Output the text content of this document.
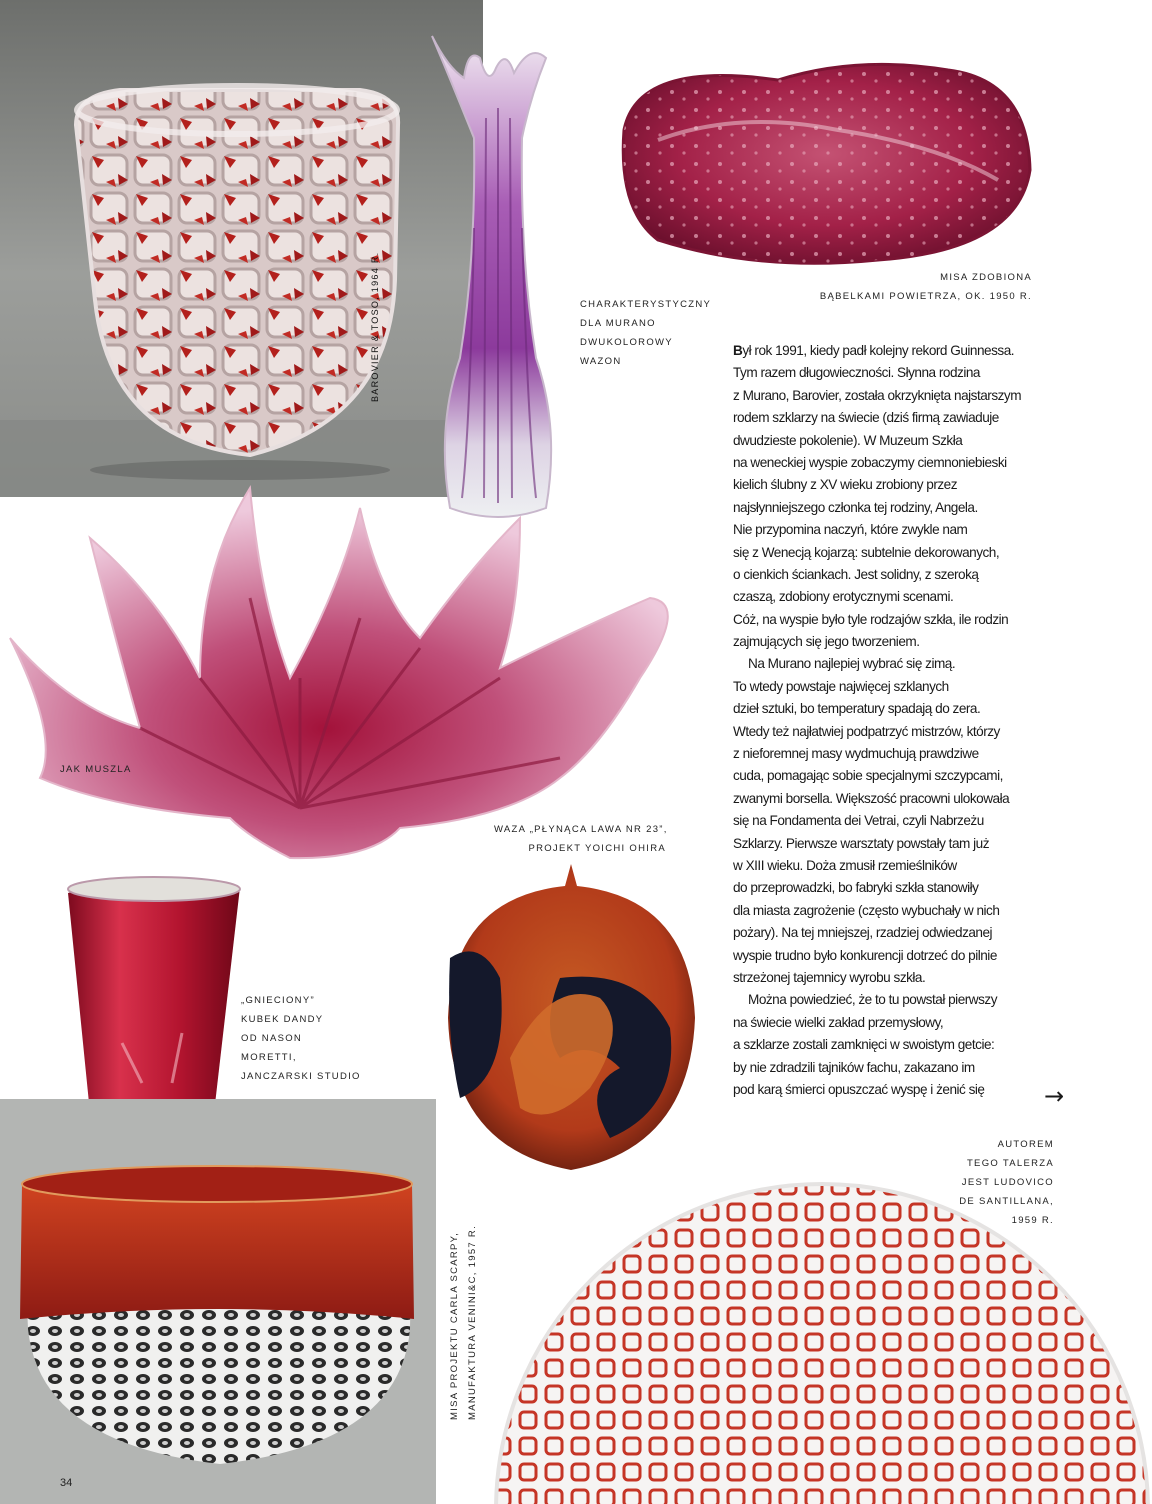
MISA ZDOBIONA
BĄBELKAMI POWIETRZA, OK. 1950 R.
CHARAKTERYSTYCZNY
DLA MURANO
DWUKOLOROWY
WAZON
BAROVIER & TOSO, 1964 R.
JAK MUSZLA
WAZA „PŁYNĄCA LAWA NR 23”,
PROJEKT YOICHI OHIRA
„GNIECIONY”
KUBEK DANDY
OD NASON
MORETTI,
JANCZARSKI STUDIO
MISA PROJEKTU CARLA SCARPY, MANUFAKTURA VENINI&C, 1957 R.
AUTOREM
TEGO TALERZA
JEST LUDOVICO
DE SANTILLANA,
1959 R.
Był rok 1991, kiedy padł kolejny rekord Guinnessa.
Tym razem długowieczności. Słynna rodzina
z Murano, Barovier, została okrzyknięta najstarszym
rodem szklarzy na świecie (dziś firmą zawiaduje
dwudzieste pokolenie). W Muzeum Szkła
na weneckiej wyspie zobaczymy ciemnoniebieski
kielich ślubny z XV wieku zrobiony przez
najsłynniejszego członka tej rodziny, Angela.
Nie przypomina naczyń, które zwykle nam
się z Wenecją kojarzą: subtelnie dekorowanych,
o cienkich ściankach. Jest solidny, z szeroką
czaszą, zdobiony erotycznymi scenami.
Cóż, na wyspie było tyle rodzajów szkła, ile rodzin
zajmujących się jego tworzeniem.
Na Murano najlepiej wybrać się zimą.
To wtedy powstaje najwięcej szklanych
dzieł sztuki, bo temperatury spadają do zera.
Wtedy też najłatwiej podpatrzyć mistrzów, którzy
z nieforemnej masy wydmuchują prawdziwe
cuda, pomagając sobie specjalnymi szczypcami,
zwanymi borsella. Większość pracowni ulokowała
się na Fondamenta dei Vetrai, czyli Nabrzeżu
Szklarzy. Pierwsze warsztaty powstały tam już
w XIII wieku. Doża zmusił rzemieślników
do przeprowadzki, bo fabryki szkła stanowiły
dla miasta zagrożenie (często wybuchały w nich
pożary). Na tej mniejszej, rzadziej odwiedzanej
wyspie trudno było konkurencji dotrzeć do pilnie
strzeżonej tajemnicy wyrobu szkła.
Można powiedzieć, że to tu powstał pierwszy
na świecie wielki zakład przemysłowy,
a szklarze zostali zamknięci w swoistym getcie:
by nie zdradzili tajników fachu, zakazano im
pod karą śmierci opuszczać wyspę i żenić się	→
34
